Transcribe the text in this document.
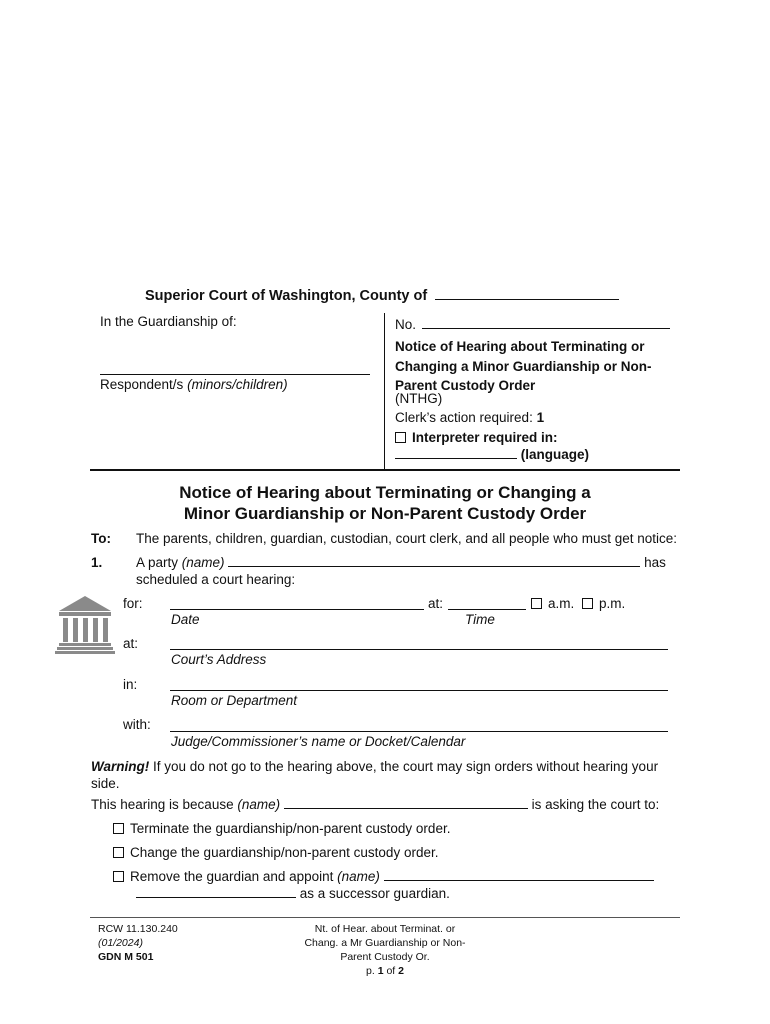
Superior Court of Washington, County of
In the Guardianship of:
Respondent/s (minors/children)
No.
Notice of Hearing about Terminating or Changing a Minor Guardianship or Non-Parent Custody Order
(NTHG)
Clerk’s action required: 1
Interpreter required in:
(language)
Notice of Hearing about Terminating or Changing a
Minor Guardianship or Non-Parent Custody Order
To: The parents, children, guardian, custodian, court clerk, and all people who must get notice:
1. A party (name)	has
scheduled a court hearing:
for:	at:	a.m.	p.m.
Date	Time
at:
Court’s Address
in:
Room or Department
with:
Judge/Commissioner’s name or Docket/Calendar
Warning! If you do not go to the hearing above, the court may sign orders without hearing your side.
This hearing is because (name)	is asking the court to:
Terminate the guardianship/non-parent custody order.
Change the guardianship/non-parent custody order.
Remove the guardian and appoint (name)
as a successor guardian.
RCW 11.130.240
(01/2024)
GDN M 501
Nt. of Hear. about Terminat. or
Chang. a Mr Guardianship or Non-
Parent Custody Or.
p. 1 of 2
